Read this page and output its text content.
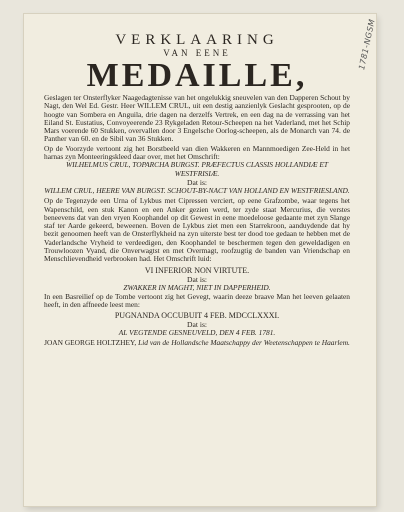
1781-NGSM
VERKLAARING
VAN EENE
MEDAILLE,

Geslagen ter Onsterflyker Naagedagtenisse van het ongelukkig sneuvelen van den Dapperen Schout by Nagt, den Wel Ed. Gestr. Heer WILLEM CRUL, uit een destig aanzienlyk Geslacht gesprooten, op de hoogte van Sombera en Anguila, drie dagen na derzelfs Vertrek, en een dag na de verrassing van het Eiland St. Eustatius, Convoyeerende 23 Rykgeladen Retour-Scheepen na het Vaderland, met het Schip Mars voerende 60 Stukken, overvallen door 3 Engelsche Oorlog-scheepen, als de Monarch van 74. de Panther van 60. en de Sibil van 36 Stukken.

Op de Voorzyde vertoont zig het Borstbeeld van dien Wakkeren en Mannmoedigen Zee-Held in het harnas zyn Monteeringskleed daar over, met het Omschrift:

WILHELMUS CRUL, TOPARCHA BURGST. PRÆFECTUS CLASSIS HOLLANDIÆ ET WESTFRISIÆ.
Dat is:
WILLEM CRUL, HEERE VAN BURGST. SCHOUT-BY-NACT VAN HOLLAND EN WESTFRIESLAND.

Op de Tegenzyde een Urna of Lykbus met Cipressen verciert, op eene Grafzombe, waar tegens het Wapenschild, een stuk Kanon en een Anker gezien werd, ter zyde staat Mercurius, die verstes beneevens dat van den vryen Koophandel op dit Gewest in eene moedeloose gedaante met zyn Slange staf ter Aarde gekeerd, beweenen. Boven de Lykbus ziet men een Starrekroon, aanduydende dat hy bezit genoomen heeft van de Onsterflykheid na zyn uiterste best ter dood toe gedaan te hebben met de Vaderlandsche Vryheid te verdeedigen, den Koophandel te beschermen tegen den geweldadigen en Trouwloozen Vyand, die Onverwagtst en met Overmagt, roofzugtig de banden van Vriendschap en Menschlievendheid verbrooken had. Het Omschrift luid:

VI INFERIOR NON VIRTUTE.
Dat is:
ZWAKKER IN MAGHT, NIET IN DAPPERHEID.

In een Basreilief op de Tombe vertoont zig het Gevegt, waarin deeze braave Man het leeven gelaaten heeft, in den affneede leest men:

PUGNANDA OCCUBUIT 4 FEB. MDCCLXXXI.
Dat is:
AL VEGTENDE GESNEUVELD, DEN 4 FEB. 1781.
JOAN GEORGE HOLTZHEY, Lid van de Hollandsche Maatschappy der Weetenschappen te Haarlem.
